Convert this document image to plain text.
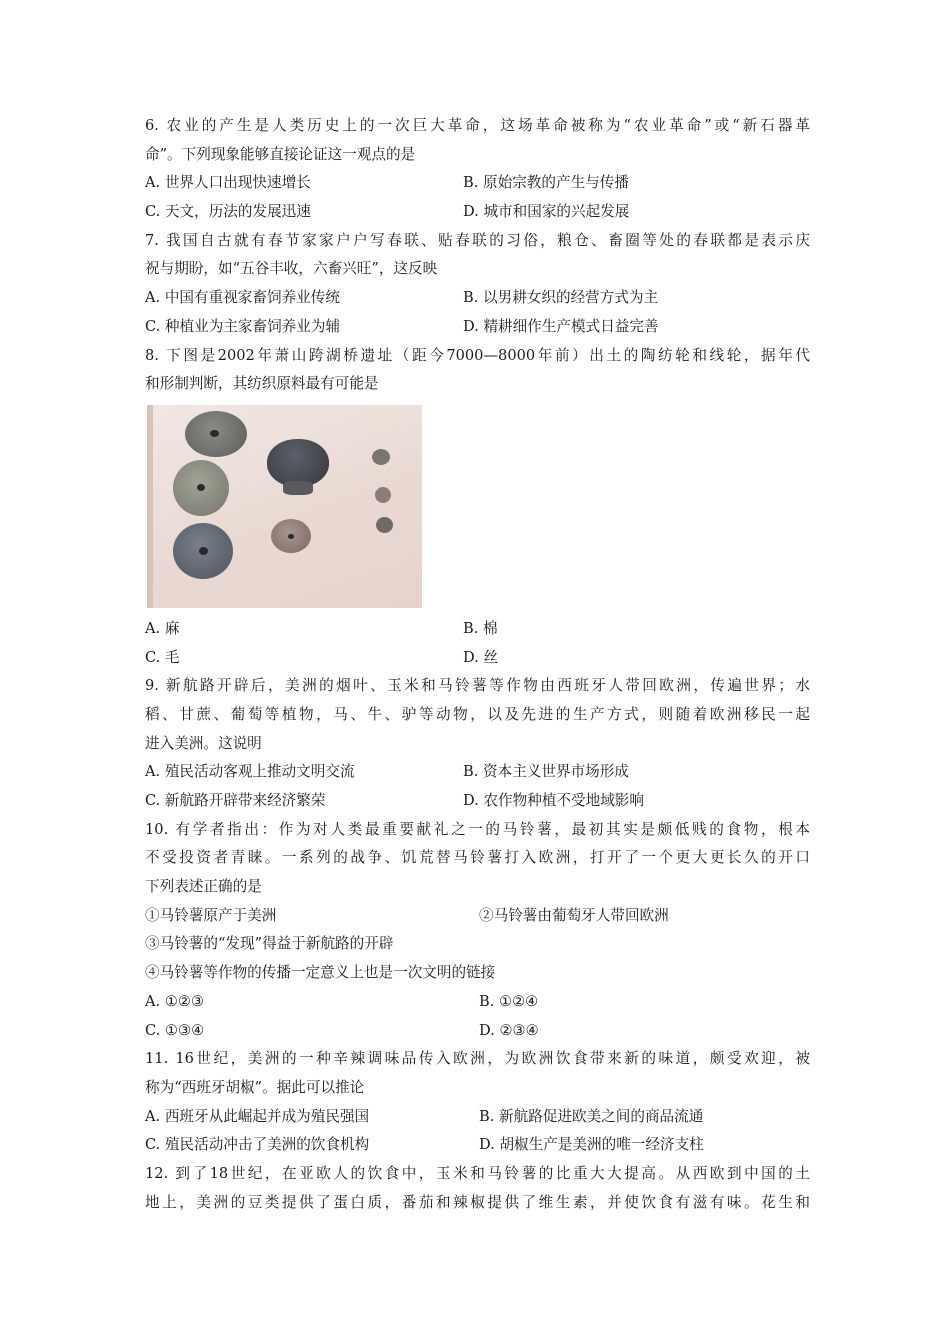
6. 农业的产生是人类历史上的一次巨大革命，这场革命被称为“农业革命”或“新石器革
命”。下列现象能够直接论证这一观点的是
A. 世界人口出现快速增长	B. 原始宗教的产生与传播
C. 天文，历法的发展迅速	D. 城市和国家的兴起发展
7. 我国自古就有春节家家户户写春联、贴春联的习俗，粮仓、畜圈等处的春联都是表示庆
祝与期盼，如“五谷丰收，六畜兴旺”，这反映
A. 中国有重视家畜饲养业传统	B. 以男耕女织的经营方式为主
C. 种植业为主家畜饲养业为辅	D. 精耕细作生产模式日益完善
8. 下图是2002年萧山跨湖桥遗址（距今7000—8000年前）出土的陶纺轮和线轮，据年代
和形制判断，其纺织原料最有可能是
A. 麻	B. 棉
C. 毛	D. 丝
9. 新航路开辟后，美洲的烟叶、玉米和马铃薯等作物由西班牙人带回欧洲，传遍世界；水
稻、甘蔗、葡萄等植物，马、牛、驴等动物，以及先进的生产方式，则随着欧洲移民一起
进入美洲。这说明
A. 殖民活动客观上推动文明交流	B. 资本主义世界市场形成
C. 新航路开辟带来经济繁荣	D. 农作物种植不受地域影响
10. 有学者指出：作为对人类最重要献礼之一的马铃薯，最初其实是颇低贱的食物，根本
不受投资者青睐。一系列的战争、饥荒替马铃薯打入欧洲，打开了一个更大更长久的开口
下列表述正确的是
①马铃薯原产于美洲	②马铃薯由葡萄牙人带回欧洲
③马铃薯的“发现”得益于新航路的开辟
④马铃薯等作物的传播一定意义上也是一次文明的链接
A. ①②③	B. ①②④
C. ①③④	D. ②③④
11. 16世纪，美洲的一种辛辣调味品传入欧洲，为欧洲饮食带来新的味道，颇受欢迎，被
称为“西班牙胡椒”。据此可以推论
A. 西班牙从此崛起并成为殖民强国	B. 新航路促进欧美之间的商品流通
C. 殖民活动冲击了美洲的饮食机构	D. 胡椒生产是美洲的唯一经济支柱
12. 到了18世纪，在亚欧人的饮食中，玉米和马铃薯的比重大大提高。从西欧到中国的土
地上，美洲的豆类提供了蛋白质，番茄和辣椒提供了维生素，并使饮食有滋有味。花生和
